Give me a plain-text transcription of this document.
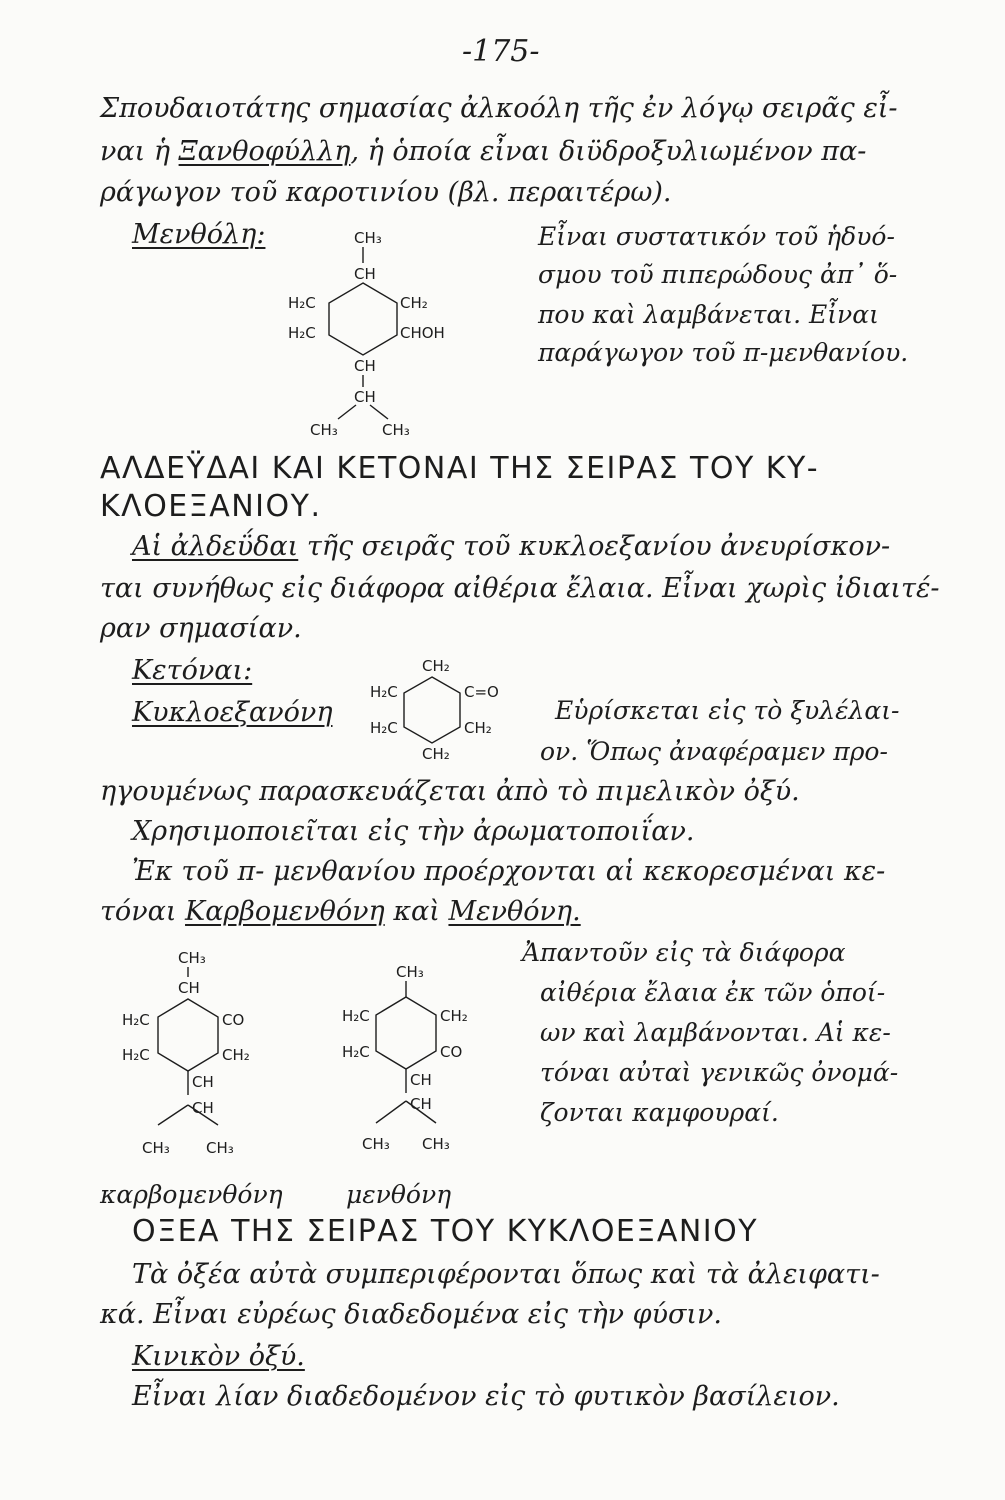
-175-
Σπουδαιοτάτης σημασίας ἀλκοόλη τῆς ἐν λόγῳ σειρᾶς εἶ-
ναι ἡ Ξανθοφύλλη, ἡ ὁποία εἶναι διϋδροξυλιωμένον πα-
ράγωγον τοῦ καροτινίου (βλ. περαιτέρω).
Μενθόλη:	Εἶναι συστατικόν τοῦ ἡδυό-
σμου τοῦ πιπερώδους ἀπ᾽ ὅ-
που καὶ λαμβάνεται. Εἶναι
παράγωγον τοῦ π-μενθανίου.
CH₃
CH
H₂C	CH₂
H₂C	CHOH
CH
CH
CH₃	CH₃
ΑΛΔΕΫΔΑΙ ΚΑΙ ΚΕΤΟΝΑΙ ΤΗΣ ΣΕΙΡΑΣ ΤΟΥ ΚΥ-
ΚΛΟΕΞΑΝΙΟΥ.
Αἱ ἀλδεΰδαι τῆς σειρᾶς τοῦ κυκλοεξανίου ἀνευρίσκον-
ται συνήθως εἰς διάφορα αἰθέρια ἔλαια. Εἶναι χωρὶς ἰδιαιτέ-
ραν σημασίαν.
Κετόναι:
Κυκλοεξανόνη
CH₂
H₂C	C=O
H₂C	CH₂
CH₂
Εὑρίσκεται εἰς τὸ ξυλέλαι-
ον. Ὅπως ἀναφέραμεν προ-
ηγουμένως παρασκευάζεται ἀπὸ τὸ πιμελικὸν ὀξύ.
Χρησιμοποιεῖται εἰς τὴν ἀρωματοποιΐαν.
Ἐκ τοῦ π- μενθανίου προέρχονται αἱ κεκορεσμέναι κε-
τόναι Καρβομενθόνη καὶ Μενθόνη.
CH₃
CH
H₂C	CO
H₂C	CH₂
CH
CH
CH₃ CH₃
CH₃
H₂C	CH₂
H₂C	CO
CH
CH
CH₃ CH₃
Ἀπαντοῦν εἰς τὰ διάφορα
αἰθέρια ἔλαια ἐκ τῶν ὁποί-
ων καὶ λαμβάνονται. Αἱ κε-
τόναι αὐταὶ γενικῶς ὀνομά-
ζονται καμφουραί.
καρβομενθόνη	μενθόνη
ΟΞΕΑ ΤΗΣ ΣΕΙΡΑΣ ΤΟΥ ΚΥΚΛΟΕΞΑΝΙΟΥ
Τὰ ὀξέα αὐτὰ συμπεριφέρονται ὅπως καὶ τὰ ἀλειφατι-
κά. Εἶναι εὐρέως διαδεδομένα εἰς τὴν φύσιν.
Κινικὸν ὀξύ.
Εἶναι λίαν διαδεδομένον εἰς τὸ φυτικὸν βασίλειον.
